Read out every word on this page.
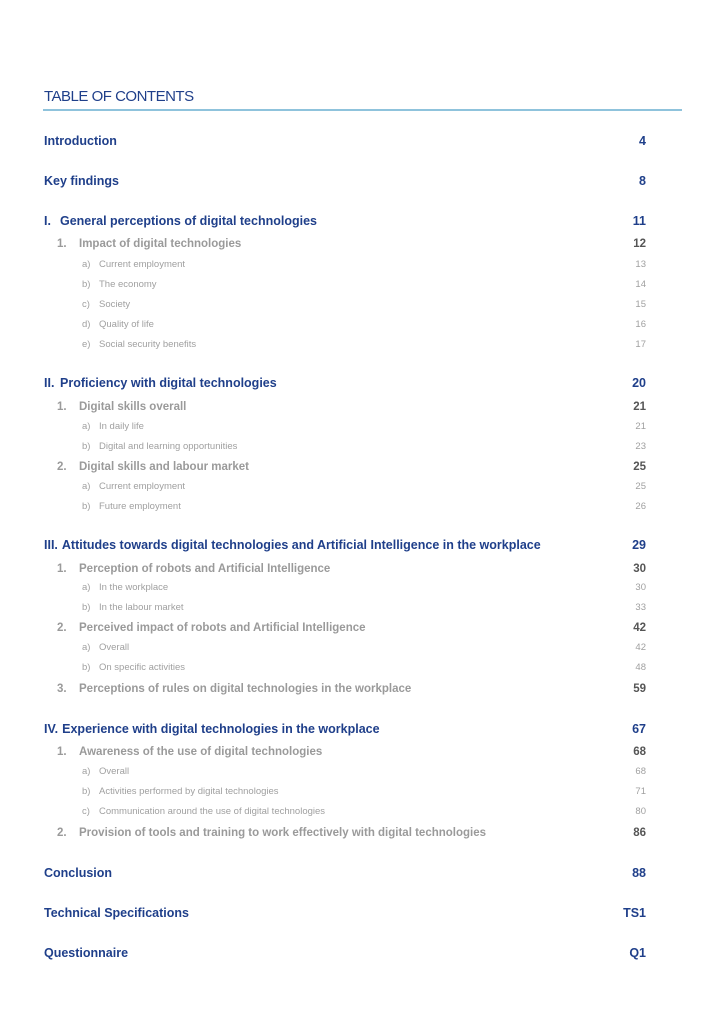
TABLE OF CONTENTS
Introduction	4
Key findings	8
I. General perceptions of digital technologies	11
1. Impact of digital technologies	12
a) Current employment	13
b) The economy	14
c) Society	15
d) Quality of life	16
e) Social security benefits	17
II. Proficiency with digital technologies	20
1. Digital skills overall	21
a) In daily life	21
b) Digital and learning opportunities	23
2. Digital skills and labour market	25
a) Current employment	25
b) Future employment	26
III. Attitudes towards digital technologies and Artificial Intelligence in the workplace	29
1. Perception of robots and Artificial Intelligence	30
a) In the workplace	30
b) In the labour market	33
2. Perceived impact of robots and Artificial Intelligence	42
a) Overall	42
b) On specific activities	48
3. Perceptions of rules on digital technologies in the workplace	59
IV. Experience with digital technologies in the workplace	67
1. Awareness of the use of digital technologies	68
a) Overall	68
b) Activities performed by digital technologies	71
c) Communication around the use of digital technologies	80
2. Provision of tools and training to work effectively with digital technologies	86
Conclusion	88
Technical Specifications	TS1
Questionnaire	Q1
